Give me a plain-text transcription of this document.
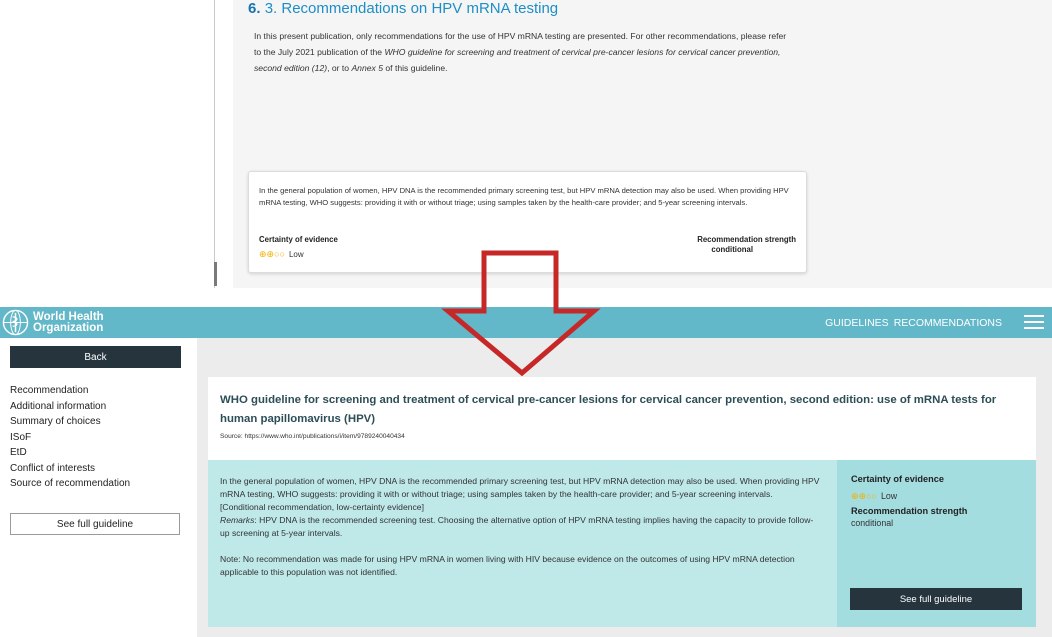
6. 3. Recommendations on HPV mRNA testing
In this present publication, only recommendations for the use of HPV mRNA testing are presented. For other recommendations, please refer to the July 2021 publication of the WHO guideline for screening and treatment of cervical pre-cancer lesions for cervical cancer prevention, second edition (12), or to Annex 5 of this guideline.
In the general population of women, HPV DNA is the recommended primary screening test, but HPV mRNA detection may also be used. When providing HPV mRNA testing, WHO suggests: providing it with or without triage; using samples taken by the health-care provider; and 5-year screening intervals.
Certainty of evidence
⊕⊕○○ Low
Recommendation strength
conditional
World Health
Organization	GUIDELINES RECOMMENDATIONS
Back
Recommendation
Additional information
Summary of choices
ISoF
EtD
Conflict of interests
Source of recommendation
See full guideline
WHO guideline for screening and treatment of cervical pre-cancer lesions for cervical cancer prevention, second edition: use of mRNA tests for human papillomavirus (HPV)
Source: https://www.who.int/publications/i/item/9789240040434

In the general population of women, HPV DNA is the recommended primary screening test, but HPV mRNA detection may also be used. When providing HPV mRNA testing, WHO suggests: providing it with or without triage; using samples taken by the health-care provider; and 5-year screening intervals.

[Conditional recommendation, low-certainty evidence]

Remarks: HPV DNA is the recommended screening test. Choosing the alternative option of HPV mRNA testing implies having the capacity to provide follow-up screening at 5-year intervals.

Note: No recommendation was made for using HPV mRNA in women living with HIV because evidence on the outcomes of using HPV mRNA detection applicable to this population was not identified.

Certainty of evidence
⊕⊕○○ Low
Recommendation strength
conditional
See full guideline
